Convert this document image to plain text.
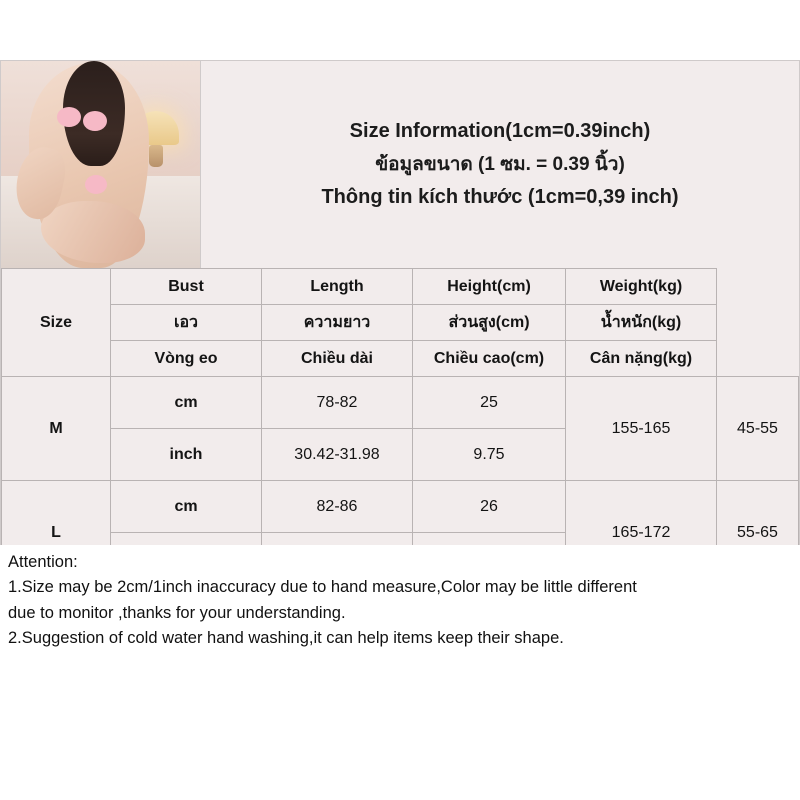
Size Information(1cm=0.39inch)
ข้อมูลขนาด (1 ซม. = 0.39 นิ้ว)
Thông tin kích thước (1cm=0,39 inch)
Size	Bust	Length	Height(cm)	Weight(kg)	
	เอว	ความยาว	ส่วนสูง(cm)	น้ำหนัก(kg)	
	Vòng eo	Chiều dài	Chiều cao(cm)	Cân nặng(kg)	
M	cm	78-82	25	155-165	45-55
	inch	30.42-31.98	9.75		
L	cm	82-86	26	165-172	55-65

Attention:

1.Size may be 2cm/1inch inaccuracy due to hand measure,Color may be little different

due to monitor ,thanks for your understanding.

2.Suggestion of cold water hand washing,it can help items keep their shape.
